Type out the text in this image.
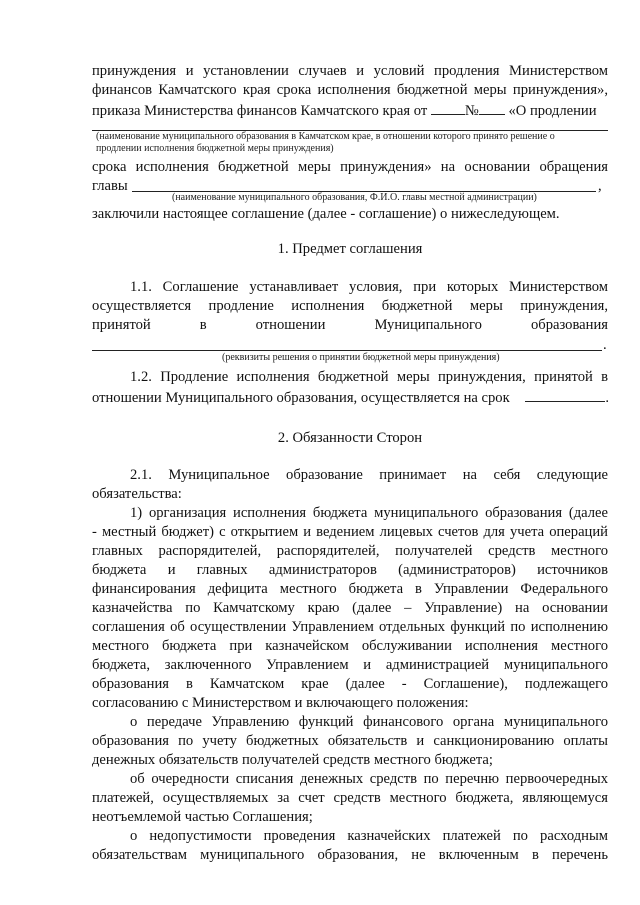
принуждения и установлении случаев и условий продления Министерством
финансов Камчатского края срока исполнения бюджетной меры принуждения»,
приказа Министерства финансов Камчатского края от	№ «О продлении
(наименование муниципального образования в Камчатском крае, в отношении которого принято решение о
продлении исполнения бюджетной меры принуждения)
срока исполнения бюджетной меры принуждения» на основании обращения
главы	,
(наименование муниципального образования, Ф.И.О. главы местной администрации)
заключили настоящее соглашение (далее - соглашение) о нижеследующем.
1. Предмет соглашения
1.1. Соглашение устанавливает условия, при которых Министерством
осуществляется продление исполнения бюджетной меры принуждения,
принятой в отношении Муниципального образования
.
(реквизиты решения о принятии бюджетной меры принуждения)
1.2. Продление исполнения бюджетной меры принуждения, принятой в
отношении Муниципального образования, осуществляется на срок	.
2. Обязанности Сторон
2.1. Муниципальное образование принимает на себя следующие
обязательства:
1) организация исполнения бюджета муниципального образования (далее
- местный бюджет) с открытием и ведением лицевых счетов для учета операций
главных распорядителей, распорядителей, получателей средств местного
бюджета и главных администраторов (администраторов) источников
финансирования дефицита местного бюджета в Управлении Федерального
казначейства по Камчатскому краю (далее – Управление) на основании
соглашения об осуществлении Управлением отдельных функций по исполнению
местного бюджета при казначейском обслуживании исполнения местного
бюджета, заключенного Управлением и администрацией муниципального
образования в Камчатском крае (далее - Соглашение), подлежащего
согласованию с Министерством и включающего положения:
о передаче Управлению функций финансового органа муниципального
образования по учету бюджетных обязательств и санкционированию оплаты
денежных обязательств получателей средств местного бюджета;
об очередности списания денежных средств по перечню первоочередных
платежей, осуществляемых за счет средств местного бюджета, являющемуся
неотъемлемой частью Соглашения;
о недопустимости проведения казначейских платежей по расходным
обязательствам муниципального образования, не включенным в перечень
